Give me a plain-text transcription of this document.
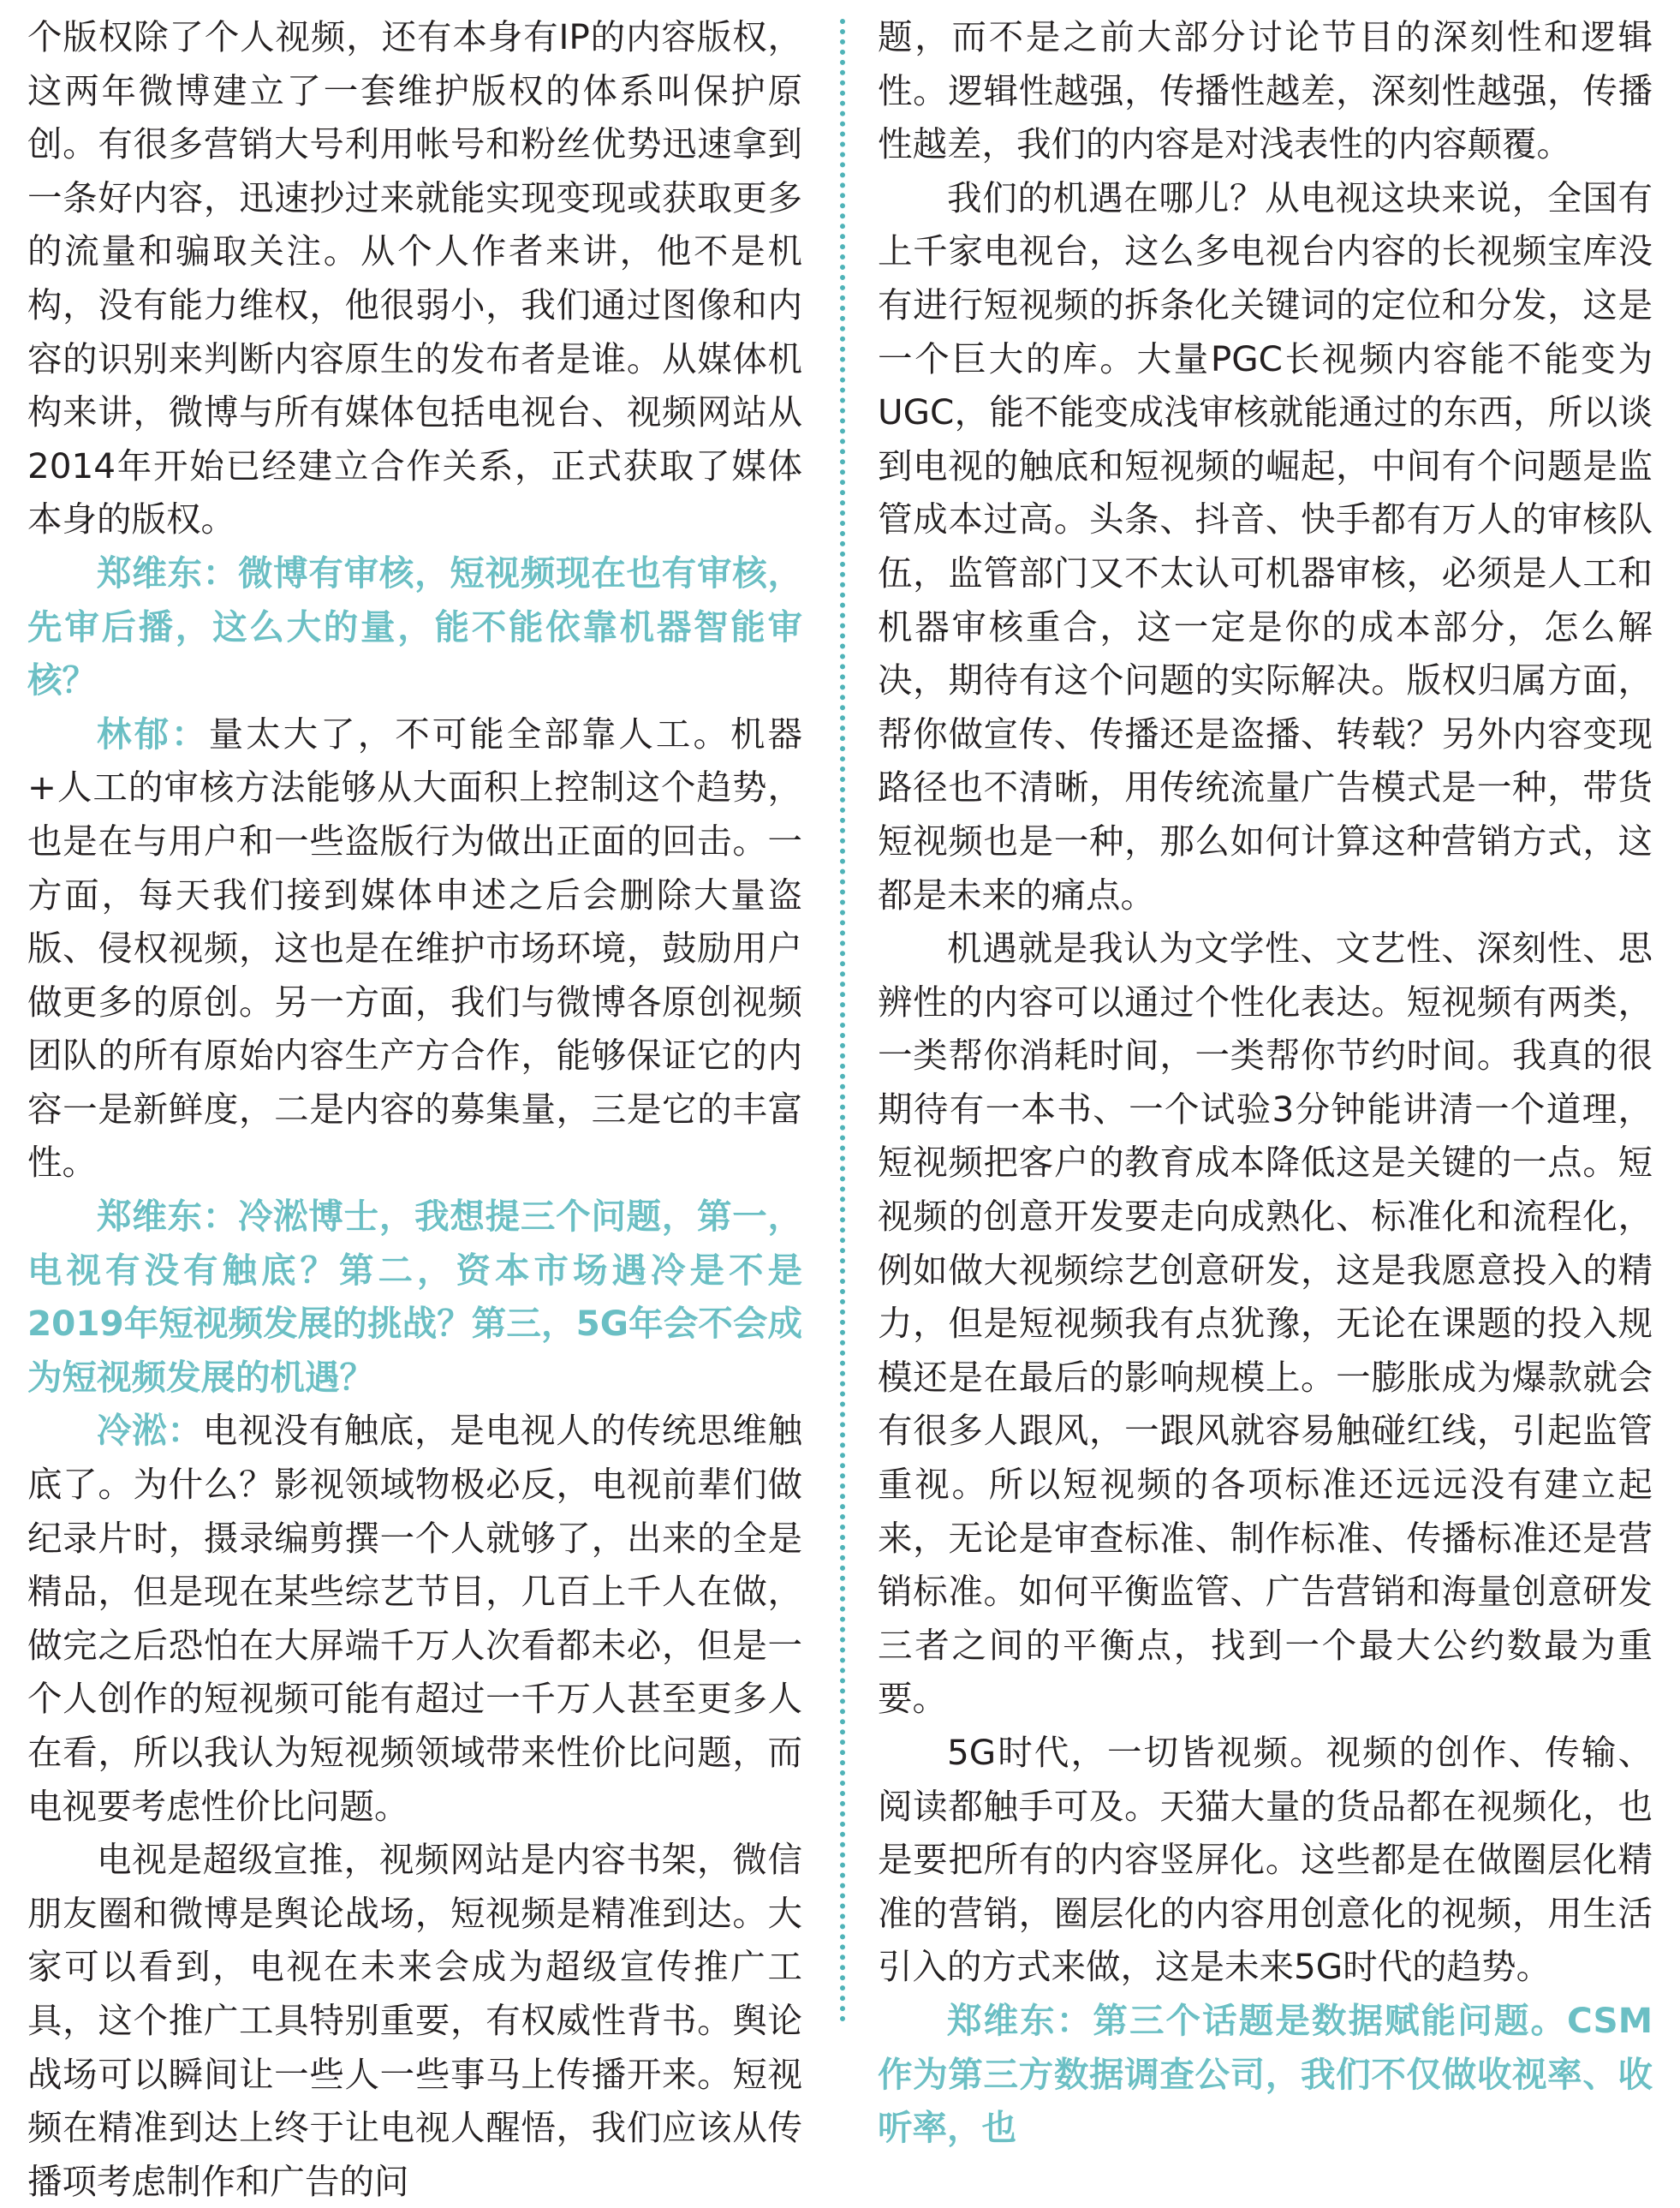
个版权除了个人视频，还有本身有IP的内容版权，这两年微博建立了一套维护版权的体系叫保护原创。有很多营销大号利用帐号和粉丝优势迅速拿到一条好内容，迅速抄过来就能实现变现或获取更多的流量和骗取关注。从个人作者来讲，他不是机构，没有能力维权，他很弱小，我们通过图像和内容的识别来判断内容原生的发布者是谁。从媒体机构来讲，微博与所有媒体包括电视台、视频网站从2014年开始已经建立合作关系，正式获取了媒体本身的版权。

郑维东：微博有审核，短视频现在也有审核，先审后播，这么大的量，能不能依靠机器智能审核？

林郁：量太大了，不可能全部靠人工。机器+人工的审核方法能够从大面积上控制这个趋势，也是在与用户和一些盗版行为做出正面的回击。一方面，每天我们接到媒体申述之后会删除大量盗版、侵权视频，这也是在维护市场环境，鼓励用户做更多的原创。另一方面，我们与微博各原创视频团队的所有原始内容生产方合作，能够保证它的内容一是新鲜度，二是内容的募集量，三是它的丰富性。

郑维东：冷淞博士，我想提三个问题，第一，电视有没有触底？第二，资本市场遇冷是不是2019年短视频发展的挑战？第三，5G年会不会成为短视频发展的机遇？

冷淞：电视没有触底，是电视人的传统思维触底了。为什么？影视领域物极必反，电视前辈们做纪录片时，摄录编剪撰一个人就够了，出来的全是精品，但是现在某些综艺节目，几百上千人在做，做完之后恐怕在大屏端千万人次看都未必，但是一个人创作的短视频可能有超过一千万人甚至更多人在看，所以我认为短视频领域带来性价比问题，而电视要考虑性价比问题。

电视是超级宣推，视频网站是内容书架，微信朋友圈和微博是舆论战场，短视频是精准到达。大家可以看到，电视在未来会成为超级宣传推广工具，这个推广工具特别重要，有权威性背书。舆论战场可以瞬间让一些人一些事马上传播开来。短视频在精准到达上终于让电视人醒悟，我们应该从传播项考虑制作和广告的问

题，而不是之前大部分讨论节目的深刻性和逻辑性。逻辑性越强，传播性越差，深刻性越强，传播性越差，我们的内容是对浅表性的内容颠覆。

我们的机遇在哪儿？从电视这块来说，全国有上千家电视台，这么多电视台内容的长视频宝库没有进行短视频的拆条化关键词的定位和分发，这是一个巨大的库。大量PGC长视频内容能不能变为UGC，能不能变成浅审核就能通过的东西，所以谈到电视的触底和短视频的崛起，中间有个问题是监管成本过高。头条、抖音、快手都有万人的审核队伍，监管部门又不太认可机器审核，必须是人工和机器审核重合，这一定是你的成本部分，怎么解决，期待有这个问题的实际解决。版权归属方面，帮你做宣传、传播还是盗播、转载？另外内容变现路径也不清晰，用传统流量广告模式是一种，带货短视频也是一种，那么如何计算这种营销方式，这都是未来的痛点。

机遇就是我认为文学性、文艺性、深刻性、思辨性的内容可以通过个性化表达。短视频有两类，一类帮你消耗时间，一类帮你节约时间。我真的很期待有一本书、一个试验3分钟能讲清一个道理，短视频把客户的教育成本降低这是关键的一点。短视频的创意开发要走向成熟化、标准化和流程化，例如做大视频综艺创意研发，这是我愿意投入的精力，但是短视频我有点犹豫，无论在课题的投入规模还是在最后的影响规模上。一膨胀成为爆款就会有很多人跟风，一跟风就容易触碰红线，引起监管重视。所以短视频的各项标准还远远没有建立起来，无论是审查标准、制作标准、传播标准还是营销标准。如何平衡监管、广告营销和海量创意研发三者之间的平衡点，找到一个最大公约数最为重要。

5G时代，一切皆视频。视频的创作、传输、阅读都触手可及。天猫大量的货品都在视频化，也是要把所有的内容竖屏化。这些都是在做圈层化精准的营销，圈层化的内容用创意化的视频，用生活引入的方式来做，这是未来5G时代的趋势。

郑维东：第三个话题是数据赋能问题。CSM作为第三方数据调查公司，我们不仅做收视率、收听率，也
